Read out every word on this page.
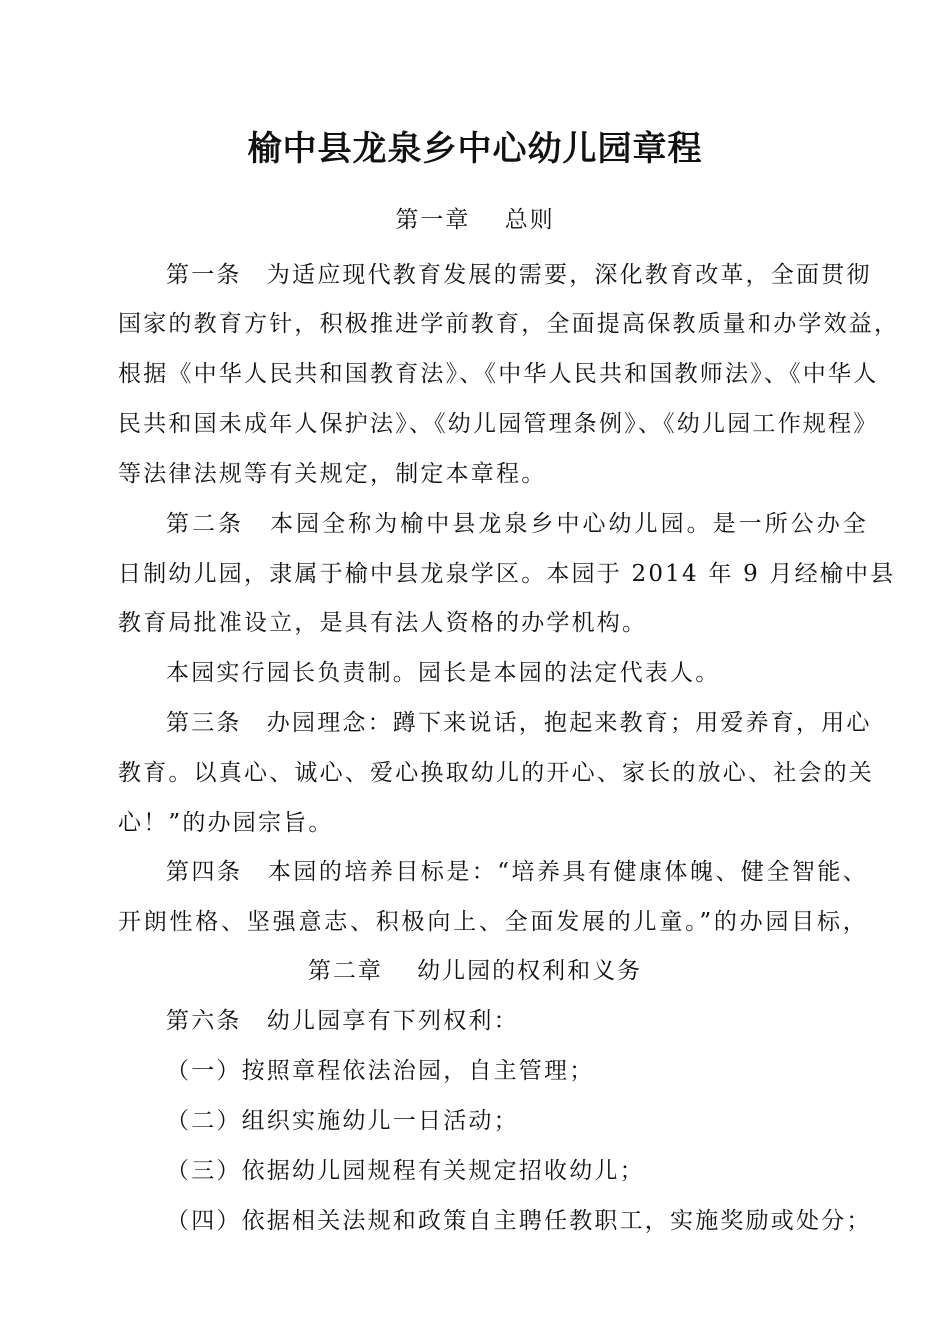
榆中县龙泉乡中心幼儿园章程
第一章　 总则
第一条　为适应现代教育发展的需要，深化教育改革，全面贯彻
国家的教育方针，积极推进学前教育，全面提高保教质量和办学效益，
根据《中华人民共和国教育法》、《中华人民共和国教师法》、《中华人
民共和国未成年人保护法》、《幼儿园管理条例》、《幼儿园工作规程》
等法律法规等有关规定，制定本章程。
第二条　本园全称为榆中县龙泉乡中心幼儿园。是一所公办全
日制幼儿园，隶属于榆中县龙泉学区。本园于 2014 年 9 月经榆中县
教育局批准设立，是具有法人资格的办学机构。
本园实行园长负责制。园长是本园的法定代表人。
第三条　办园理念：蹲下来说话，抱起来教育；用爱养育，用心
教育。以真心、诚心、爱心换取幼儿的开心、家长的放心、社会的关
心！”的办园宗旨。
第四条　本园的培养目标是：“培养具有健康体魄、健全智能、
开朗性格、坚强意志、积极向上、全面发展的儿童。”的办园目标，
第二章　 幼儿园的权利和义务
第六条　幼儿园享有下列权利：
（一）按照章程依法治园，自主管理；
（二）组织实施幼儿一日活动；
（三）依据幼儿园规程有关规定招收幼儿；
（四）依据相关法规和政策自主聘任教职工，实施奖励或处分；
